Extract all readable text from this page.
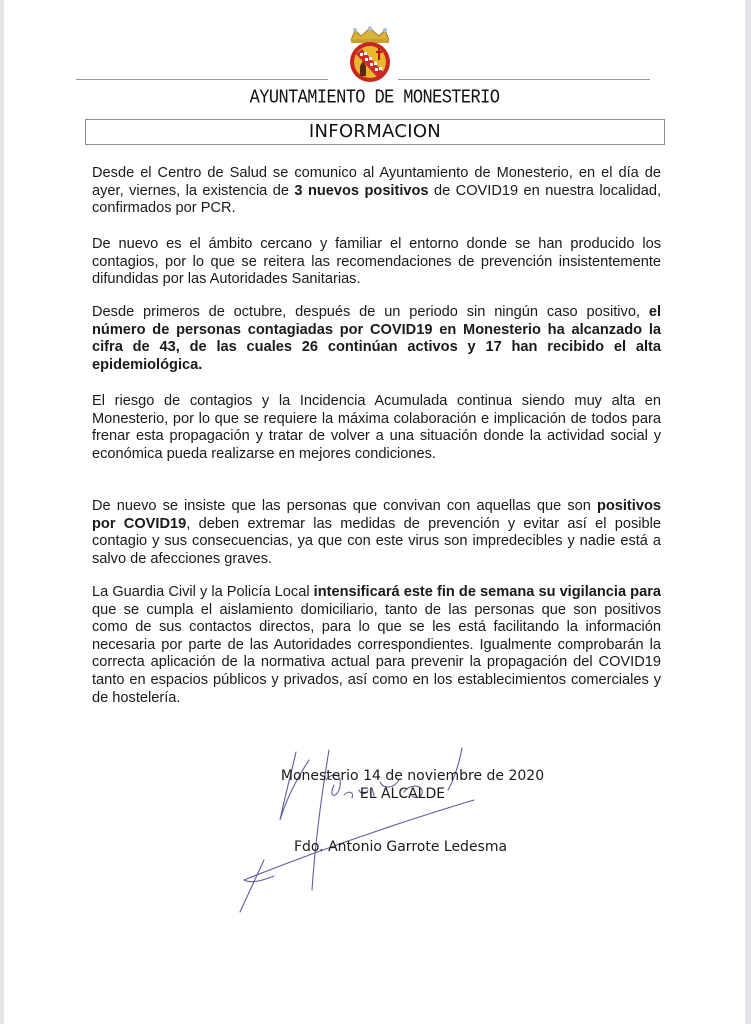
AYUNTAMIENTO DE MONESTERIO
INFORMACION

Desde el Centro de Salud se comunico al Ayuntamiento de Monesterio, en el día de ayer, viernes, la existencia de 3 nuevos positivos de COVID19 en nuestra localidad, confirmados por PCR.

De nuevo es el ámbito cercano y familiar el entorno donde se han producido los contagios, por lo que se reitera las recomendaciones de prevención insistentemente difundidas por las Autoridades Sanitarias.

Desde primeros de octubre, después de un periodo sin ningún caso positivo, el número de personas contagiadas por COVID19 en Monesterio ha alcanzado la cifra de 43, de las cuales 26 continúan activos y 17 han recibido el alta epidemiológica.

El riesgo de contagios y la Incidencia Acumulada continua siendo muy alta en Monesterio, por lo que se requiere la máxima colaboración e implicación de todos para frenar esta propagación y tratar de volver a una situación donde la actividad social y económica pueda realizarse en mejores condiciones.

De nuevo se insiste que las personas que convivan con aquellas que son positivos por COVID19, deben extremar las medidas de prevención y evitar así el posible contagio y sus consecuencias, ya que con este virus son impredecibles y nadie está a salvo de afecciones graves.

La Guardia Civil y la Policía Local intensificará este fin de semana su vigilancia para que se cumpla el aislamiento domiciliario, tanto de las personas que son positivos como de sus contactos directos, para lo que se les está facilitando la información necesaria por parte de las Autoridades correspondientes. Igualmente comprobarán la correcta aplicación de la normativa actual para prevenir la propagación del COVID19 tanto en espacios públicos y privados, así como en los establecimientos comerciales y de hostelería.

Monesterio 14 de noviembre de 2020
EL ALCALDE
Fdo. Antonio Garrote Ledesma
